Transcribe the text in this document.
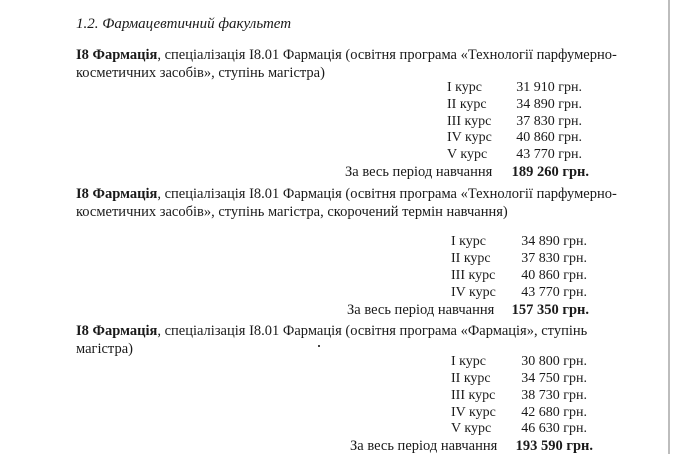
1.2. Фармацевтичний факультет
І8 Фармація, спеціалізація І8.01 Фармація (освітня програма «Технології парфумерно-косметичних засобів», ступінь магістра)
І курс	31 910 грн.
ІІ курс	34 890 грн.
ІІІ курс	37 830 грн.
ІV курс	40 860 грн.
V курс	43 770 грн.
За весь період навчання	189 260 грн.
І8 Фармація, спеціалізація І8.01 Фармація (освітня програма «Технології парфумерно-косметичних засобів», ступінь магістра, скорочений термін навчання)
І курс	34 890 грн.
ІІ курс	37 830 грн.
ІІІ курс	40 860 грн.
ІV курс	43 770 грн.
За весь період навчання	157 350 грн.
І8 Фармація, спеціалізація І8.01 Фармація (освітня програма «Фармація», ступінь магістра)
І курс	30 800 грн.
ІІ курс	34 750 грн.
ІІІ курс	38 730 грн.
ІV курс	42 680 грн.
V курс	46 630 грн.
За весь період навчання	193 590 грн.
